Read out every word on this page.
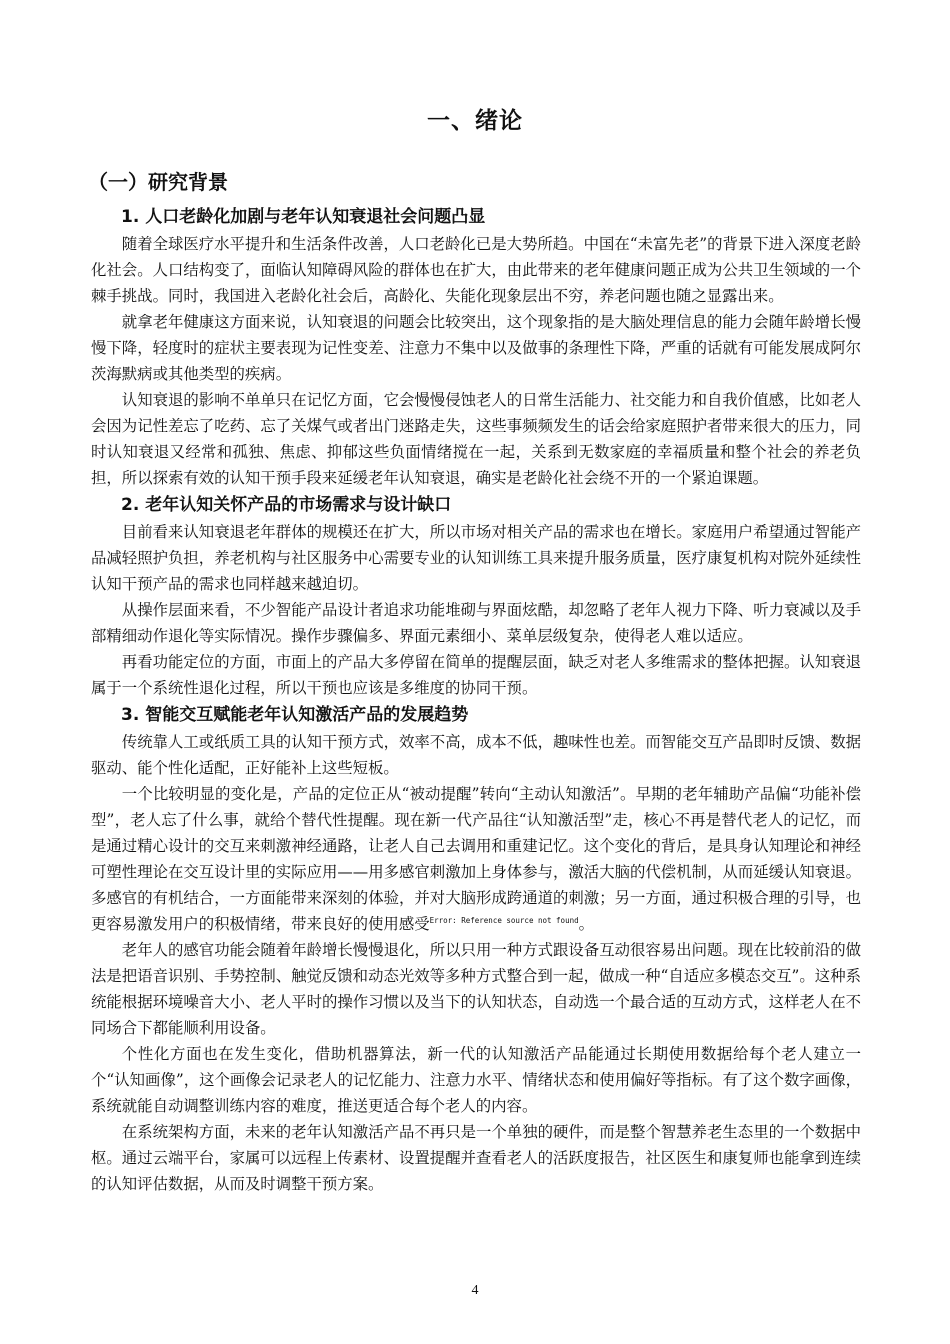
一、绪论
（一）研究背景
1. 人口老龄化加剧与老年认知衰退社会问题凸显

随着全球医疗水平提升和生活条件改善，人口老龄化已是大势所趋。中国在“未富先老”的背景下进入深度老龄化社会。人口结构变了，面临认知障碍风险的群体也在扩大，由此带来的老年健康问题正成为公共卫生领域的一个棘手挑战。同时，我国进入老龄化社会后，高龄化、失能化现象层出不穷，养老问题也随之显露出来。

就拿老年健康这方面来说，认知衰退的问题会比较突出，这个现象指的是大脑处理信息的能力会随年龄增长慢慢下降，轻度时的症状主要表现为记性变差、注意力不集中以及做事的条理性下降，严重的话就有可能发展成阿尔茨海默病或其他类型的疾病。

认知衰退的影响不单单只在记忆方面，它会慢慢侵蚀老人的日常生活能力、社交能力和自我价值感，比如老人会因为记性差忘了吃药、忘了关煤气或者出门迷路走失，这些事频频发生的话会给家庭照护者带来很大的压力，同时认知衰退又经常和孤独、焦虑、抑郁这些负面情绪搅在一起，关系到无数家庭的幸福质量和整个社会的养老负担，所以探索有效的认知干预手段来延缓老年认知衰退，确实是老龄化社会绕不开的一个紧迫课题。

2. 老年认知关怀产品的市场需求与设计缺口

目前看来认知衰退老年群体的规模还在扩大，所以市场对相关产品的需求也在增长。家庭用户希望通过智能产品减轻照护负担，养老机构与社区服务中心需要专业的认知训练工具来提升服务质量，医疗康复机构对院外延续性认知干预产品的需求也同样越来越迫切。

从操作层面来看，不少智能产品设计者追求功能堆砌与界面炫酷，却忽略了老年人视力下降、听力衰减以及手部精细动作退化等实际情况。操作步骤偏多、界面元素细小、菜单层级复杂，使得老人难以适应。

再看功能定位的方面，市面上的产品大多停留在简单的提醒层面，缺乏对老人多维需求的整体把握。认知衰退属于一个系统性退化过程，所以干预也应该是多维度的协同干预。

3. 智能交互赋能老年认知激活产品的发展趋势

传统靠人工或纸质工具的认知干预方式，效率不高，成本不低，趣味性也差。而智能交互产品即时反馈、数据驱动、能个性化适配，正好能补上这些短板。

一个比较明显的变化是，产品的定位正从“被动提醒”转向“主动认知激活”。早期的老年辅助产品偏“功能补偿型”，老人忘了什么事，就给个替代性提醒。现在新一代产品往“认知激活型”走，核心不再是替代老人的记忆，而是通过精心设计的交互来刺激神经通路，让老人自己去调用和重建记忆。这个变化的背后，是具身认知理论和神经可塑性理论在交互设计里的实际应用——用多感官刺激加上身体参与，激活大脑的代偿机制，从而延缓认知衰退。多感官的有机结合，一方面能带来深刻的体验，并对大脑形成跨通道的刺激；另一方面，通过积极合理的引导，也更容易激发用户的积极情绪，带来良好的使用感受$^{Error: Reference source not found}$。

老年人的感官功能会随着年龄增长慢慢退化，所以只用一种方式跟设备互动很容易出问题。现在比较前沿的做法是把语音识别、手势控制、触觉反馈和动态光效等多种方式整合到一起，做成一种“自适应多模态交互”。这种系统能根据环境噪音大小、老人平时的操作习惯以及当下的认知状态，自动选一个最合适的互动方式，这样老人在不同场合下都能顺利用设备。

个性化方面也在发生变化，借助机器算法，新一代的认知激活产品能通过长期使用数据给每个老人建立一个“认知画像”，这个画像会记录老人的记忆能力、注意力水平、情绪状态和使用偏好等指标。有了这个数字画像，系统就能自动调整训练内容的难度，推送更适合每个老人的内容。

在系统架构方面，未来的老年认知激活产品不再只是一个单独的硬件，而是整个智慧养老生态里的一个数据中枢。通过云端平台，家属可以远程上传素材、设置提醒并查看老人的活跃度报告，社区医生和康复师也能拿到连续的认知评估数据，从而及时调整干预方案。

4
